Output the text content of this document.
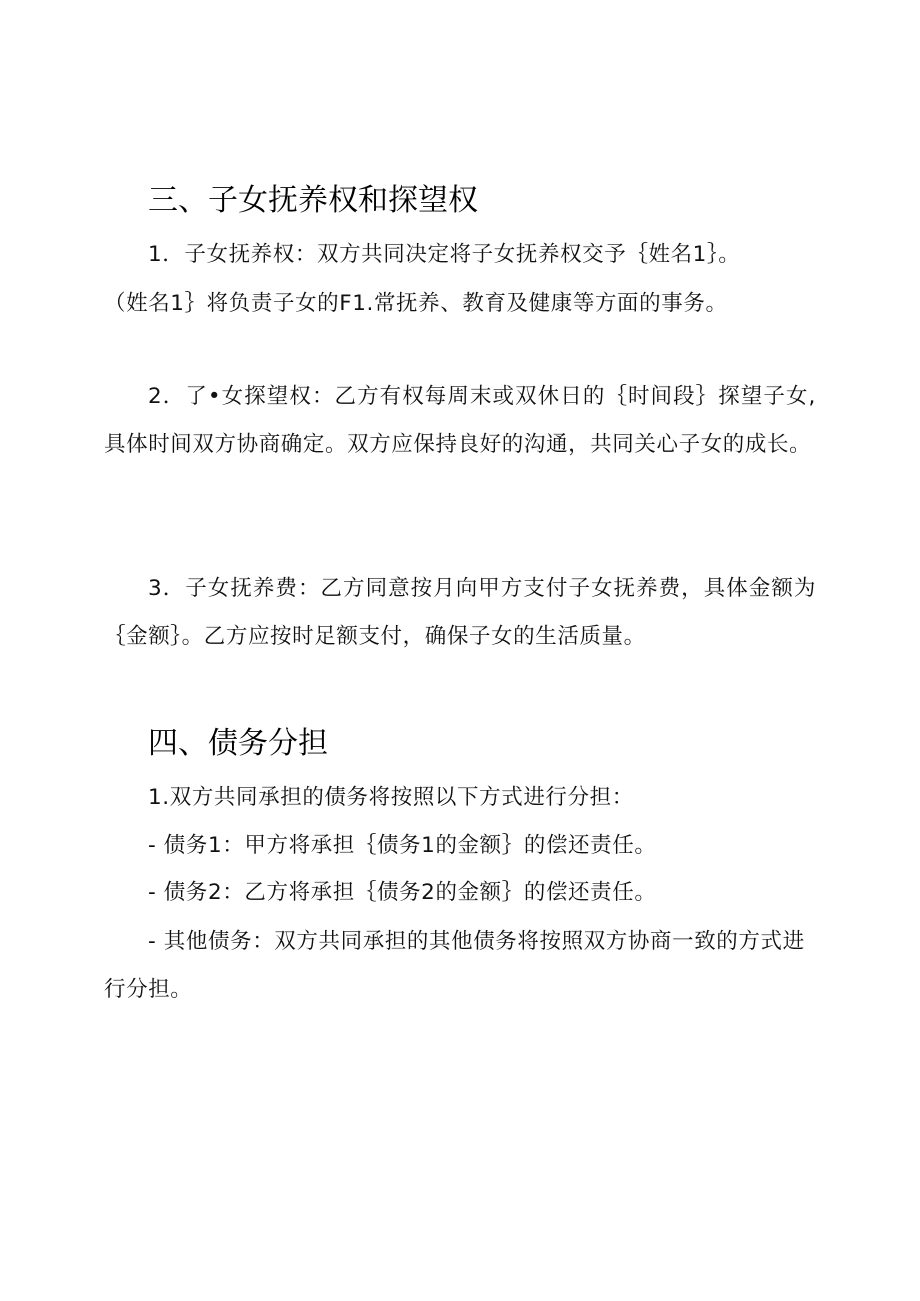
三、子女抚养权和探望权
1．子女抚养权：双方共同决定将子女抚养权交予｛姓名1｝。
（姓名1｝将负责子女的F1.常抚养、教育及健康等方面的事务。
2．了•女探望权：乙方有权每周末或双休日的｛时间段｝探望子女,具体时间双方协商确定。双方应保持良好的沟通，共同关心子女的成长。
3．子女抚养费：乙方同意按月向甲方支付子女抚养费，具体金额为｛金额｝。乙方应按时足额支付，确保子女的生活质量。
四、债务分担
1.双方共同承担的债务将按照以下方式进行分担：
- 债务1：甲方将承担｛债务1的金额｝的偿还责任。
- 债务2：乙方将承担｛债务2的金额｝的偿还责任。
- 其他债务：双方共同承担的其他债务将按照双方协商一致的方式进行分担。
